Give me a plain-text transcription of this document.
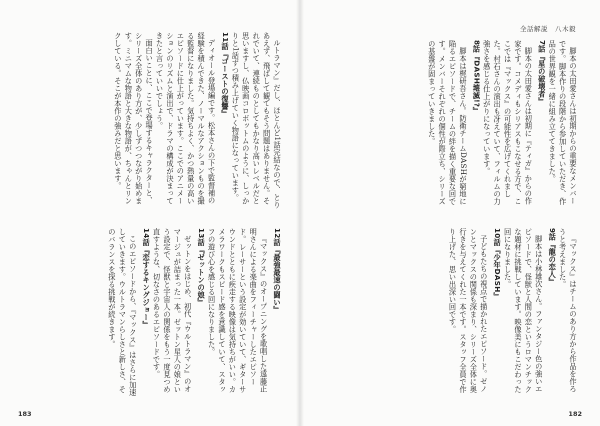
ルトラマン』だし、ほとんど1話完結なので、とりあえず、飛ばして観てもそう問題はありません。それでいて、連続ものとしてもかなり高いレベルだと思いますし、仏映画コロボットムのように、しっかりと1話ずつ積み上げていく物語になっています。

11話『ゴーストの復讐』

ディオール登場編です。松本さんの下で監督補の経験を積んできた、ノーマルなアクションものを撮る監督になりました。気持ちよく、かつ熱量の高いエピソードに仕上がっています。ここでのアニメーションのリズムと演出で、ドラマの構成が決まってきたと言っていいでしょう。

面白いことに、ここで登場するキャラクターと、シリーズ全体のあり方が、少しずつつながり始めます。ミニマムな物語と大きな物語が、ちゃんとリンクしている。そこが本作の強みだと思います。

12話『最強最速の闘い』

『マックス』のオープニングを歌唱した遠藤正明さんによる楽曲をフィーチャーしたエピソード。レーサーという設定が効いていて、ギターサウンドとともに疾走する映像は気持ちがいい。カメラワークもスピード感を意識していて、スタッフの遊び心を感じる回になりました。

13話『ゼットンの娘』

ゼットンをはじめ、初代『ウルトラマン』のオマージュが詰まった一本。ゼットン星人の娘という設定で、怪獣と宇宙人の関係をもう一度見つめ直すような、切なさのあるエピソードです。

14話『恋するキングジョー』

このエピソードから、『マックス』はさらに加速していきます。ウルトラマンらしさと新しさ、そのバランスを探る挑戦が続きます。

183
全話解説　八木毅

脚本の太田愛さんは初期からの重要なメンバーです。脚本作りの段階から参加していただき、作品の世界観を一緒に組み立ててきました。

7話『星の破壊者』

脚本の太田愛さんは初期に『ティガ』からの作家です。コメディもシリアスもこなせる方で、ここでは『マックス』の可能性を広げてくれました。村石さんの演出も冴えていて、フィルムの力強さを感じる仕上がりになっています。

8話『DASH壊滅!?』

脚本は梶研吾さん。防衛チームDASHが窮地に陥るエピソードで、チームの絆を描く重要な回です。メンバーそれぞれの個性が際立ち、シリーズの基盤が固まっていきました。

『マックス』はチームのあり方から作品を作ろうと考えました。

9話『龍の恋人』

脚本は小林雄次さん。ファンタジー色の強いエピソードで、怪獣と人間の恋というロマンチックな題材に挑戦しています。映像美にもこだわった回になりました。

10話『少年DASH』

子どもたちの視点で描かれたエピソード。ゼノンとマックスの関係も深まり、シリーズ全体に奥行きを与えてくれた一本です。スタッフ全員で作り上げた、思い出深い回です。

182
